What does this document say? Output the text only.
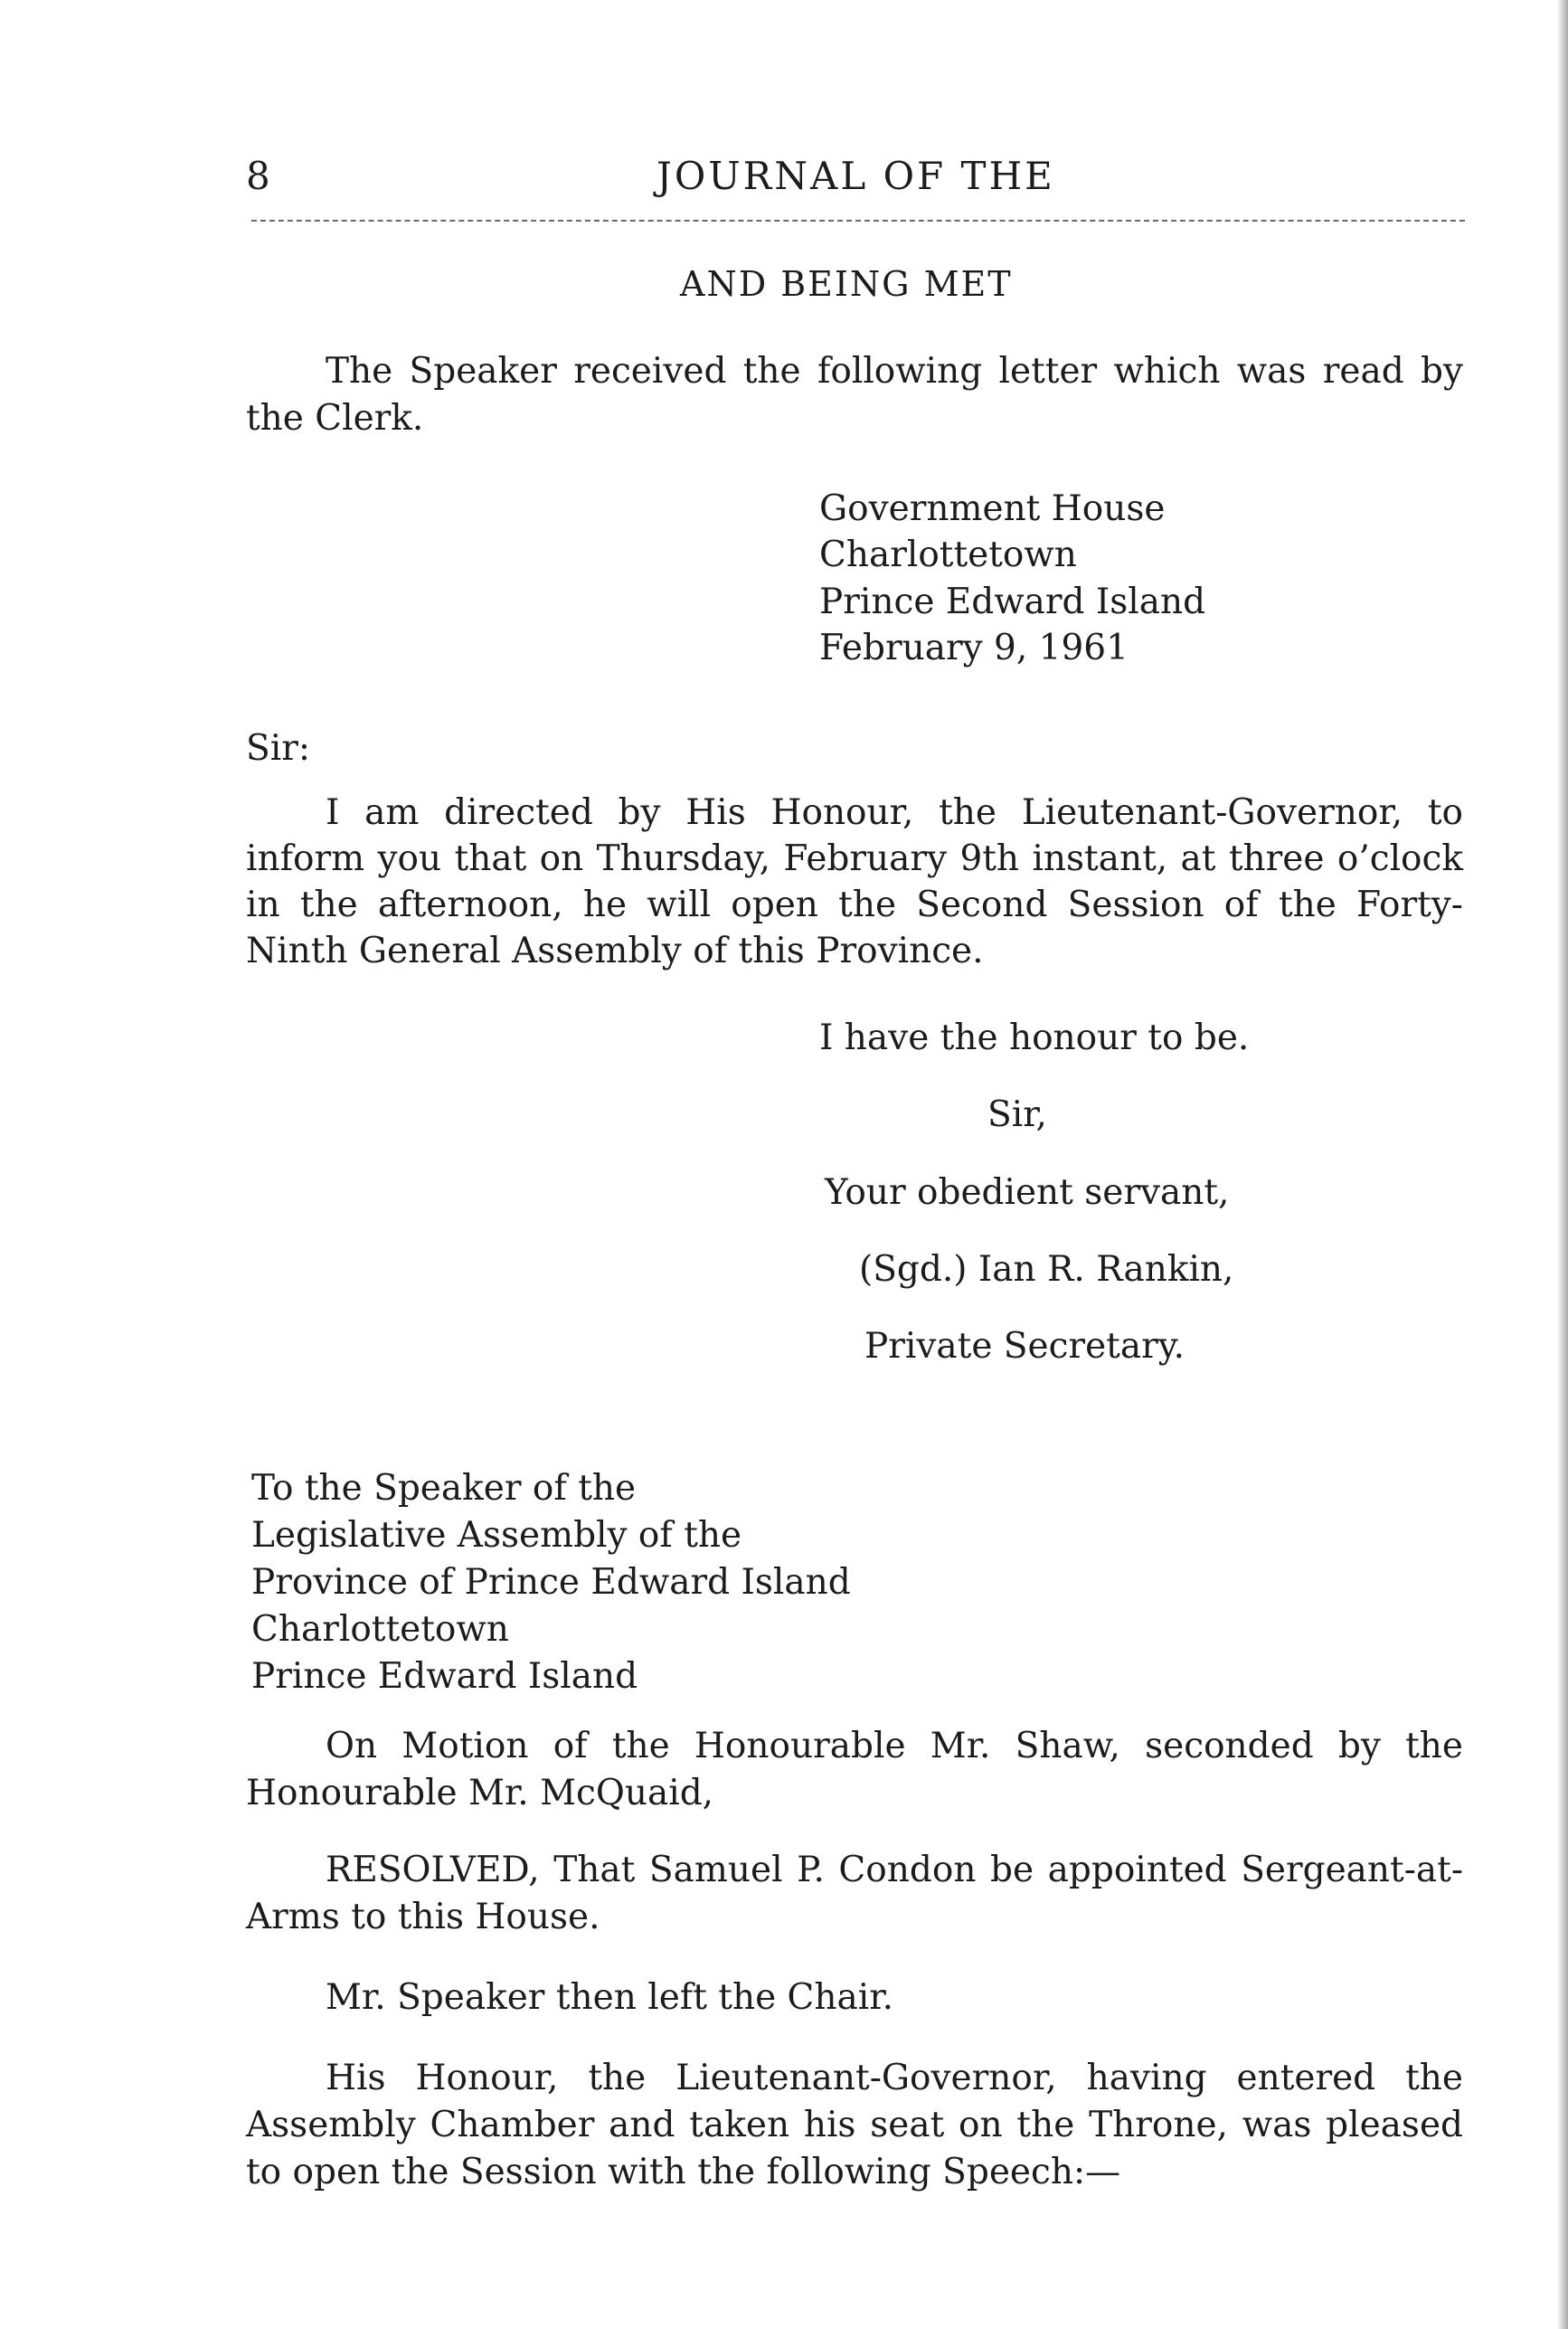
8	JOURNAL OF THE
AND BEING MET
The Speaker received the following letter which was read by the Clerk.
Government House
Charlottetown
Prince Edward Island
February 9, 1961
Sir:
I am directed by His Honour, the Lieutenant-Governor, to inform you that on Thursday, February 9th instant, at three o’clock in the afternoon, he will open the Second Session of the Forty-Ninth General Assembly of this Province.
I have the honour to be.
Sir,
Your obedient servant,
(Sgd.) Ian R. Rankin,
Private Secretary.
To the Speaker of the
Legislative Assembly of the
Province of Prince Edward Island
Charlottetown
Prince Edward Island
On Motion of the Honourable Mr. Shaw, seconded by the Honourable Mr. McQuaid,
RESOLVED, That Samuel P. Condon be appointed Sergeant-at-Arms to this House.
Mr. Speaker then left the Chair.
His Honour, the Lieutenant-Governor, having entered the Assembly Chamber and taken his seat on the Throne, was pleased to open the Session with the following Speech:—
